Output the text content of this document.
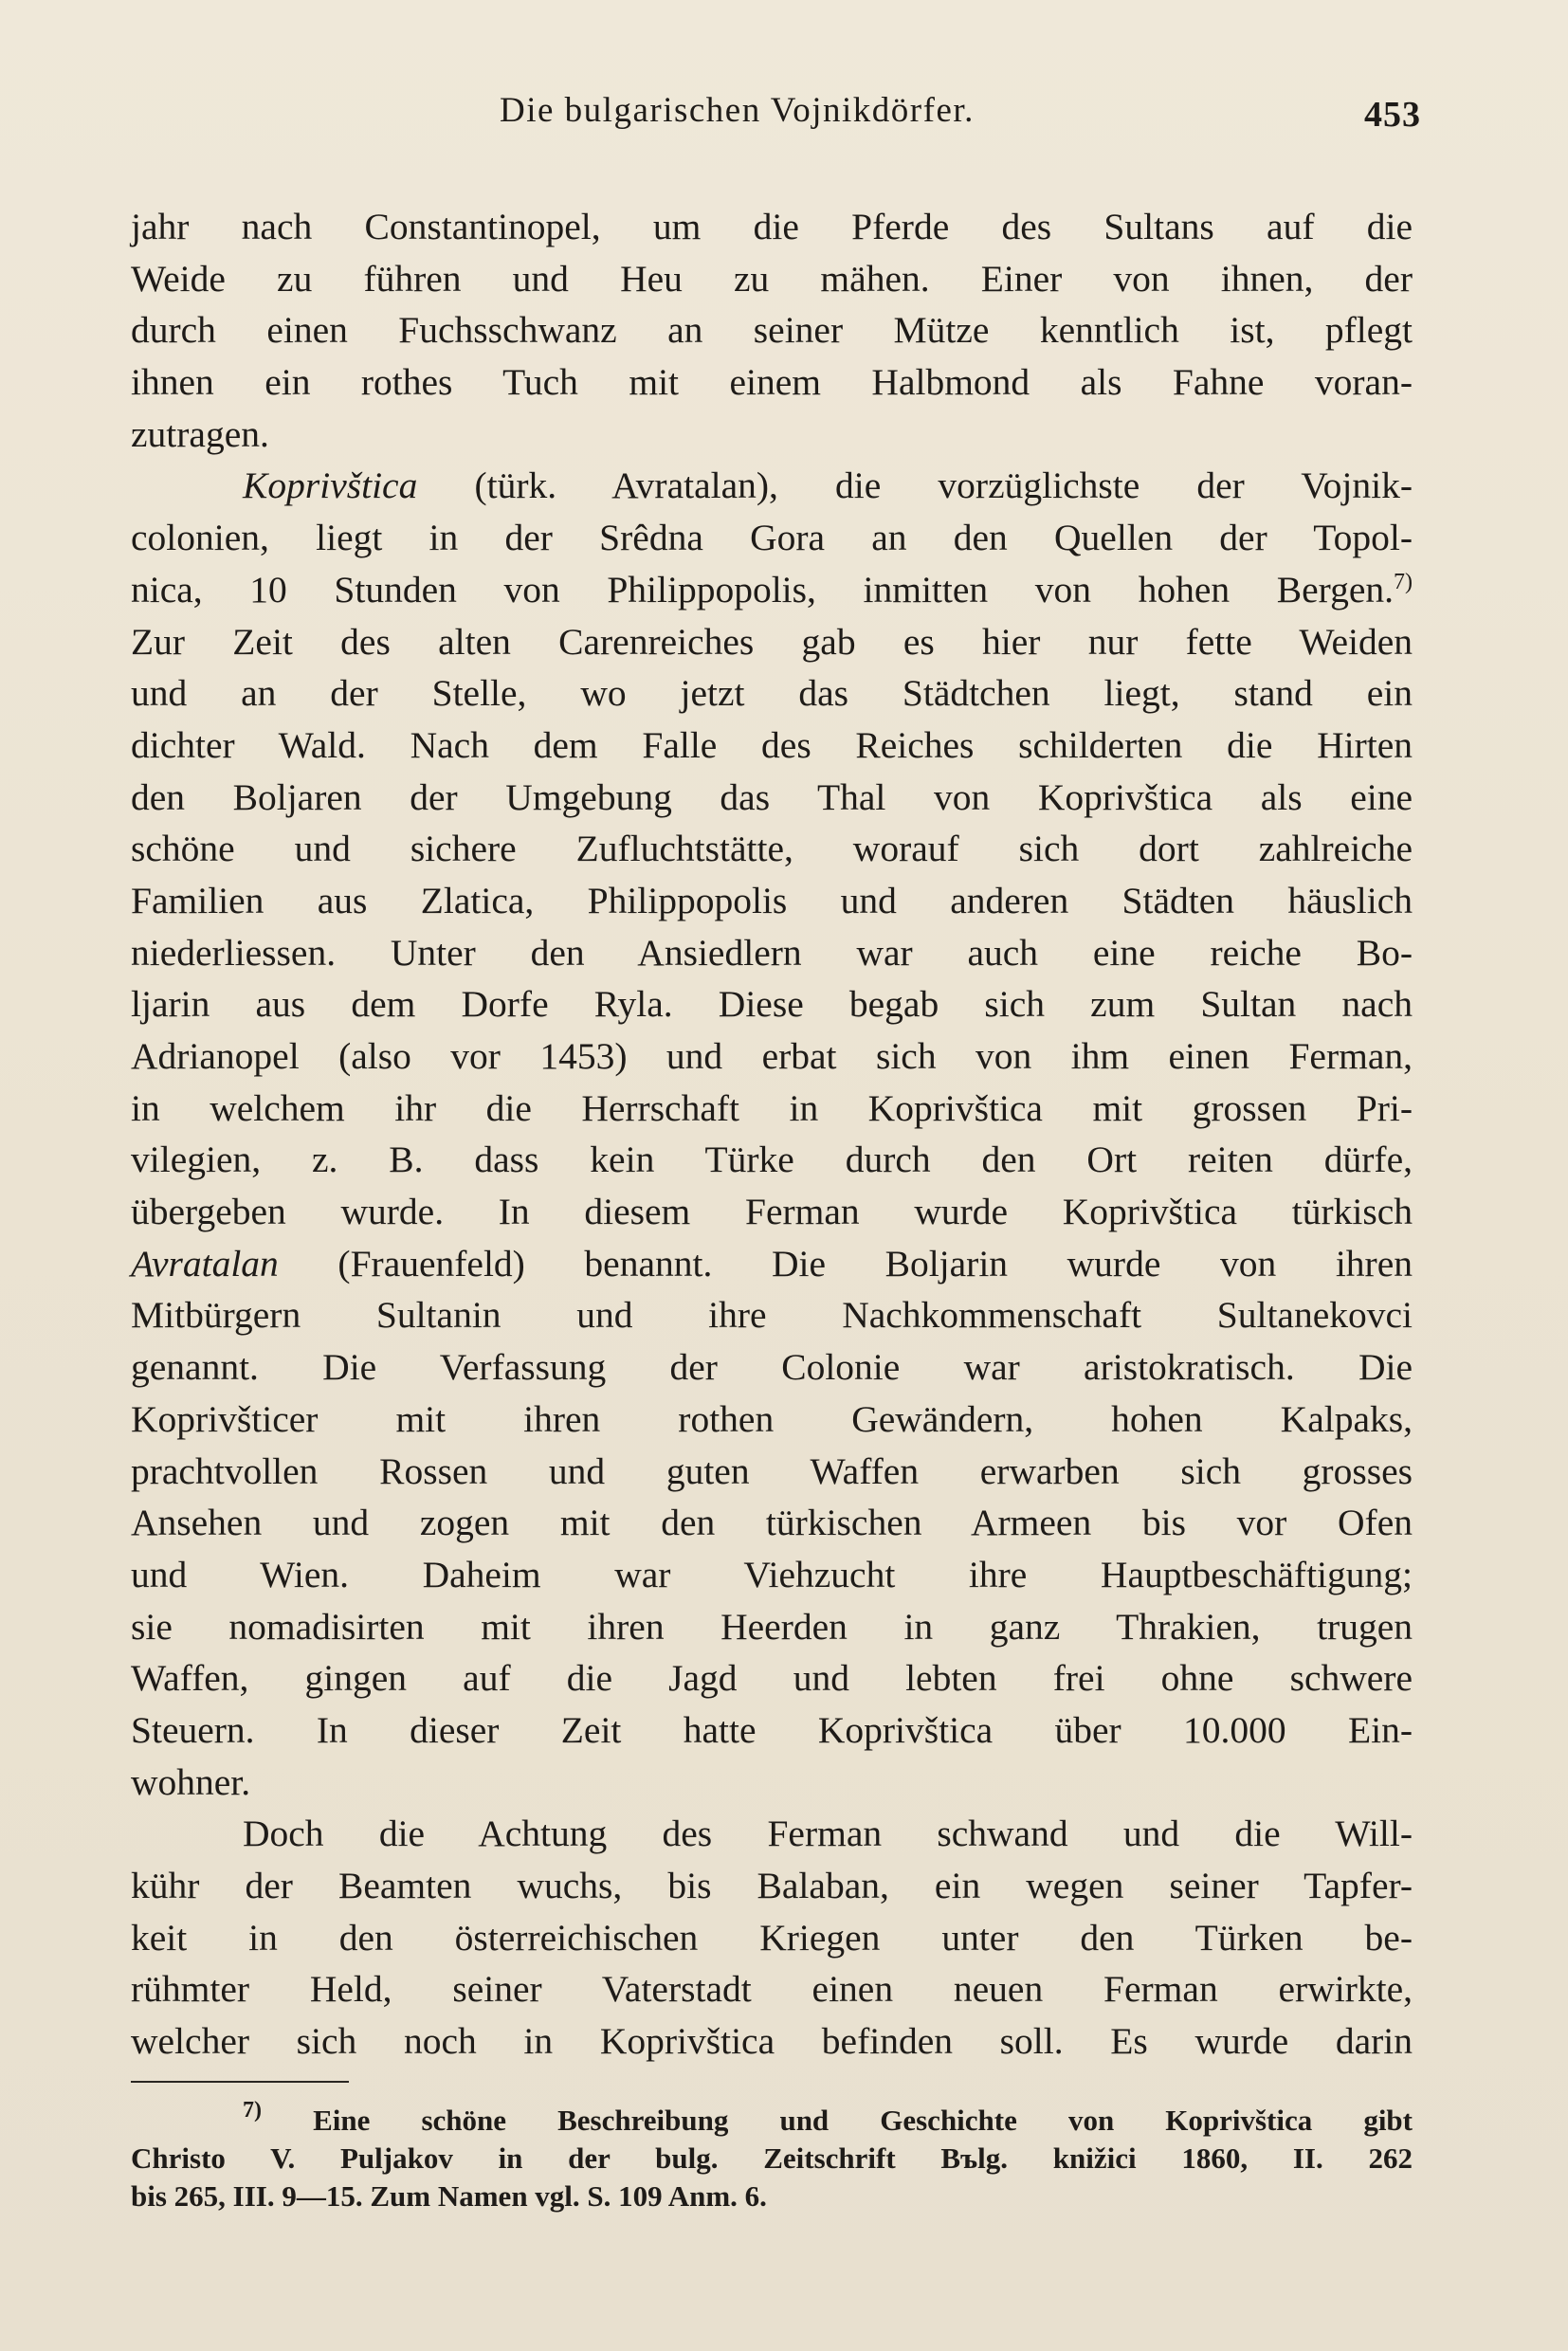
Die bulgarischen Vojnikdörfer.	453
jahr nach Constantinopel, um die Pferde des Sultans auf die
Weide zu führen und Heu zu mähen. Einer von ihnen, der
durch einen Fuchsschwanz an seiner Mütze kenntlich ist, pflegt
ihnen ein rothes Tuch mit einem Halbmond als Fahne voran-
zutragen.
Koprivštica (türk. Avratalan), die vorzüglichste der Vojnik-
colonien, liegt in der Srêdna Gora an den Quellen der Topol-
nica, 10 Stunden von Philippopolis, inmitten von hohen Bergen.$^{7)}$
Zur Zeit des alten Carenreiches gab es hier nur fette Weiden
und an der Stelle, wo jetzt das Städtchen liegt, stand ein
dichter Wald. Nach dem Falle des Reiches schilderten die Hirten
den Boljaren der Umgebung das Thal von Koprivštica als eine
schöne und sichere Zufluchtstätte, worauf sich dort zahlreiche
Familien aus Zlatica, Philippopolis und anderen Städten häuslich
niederliessen. Unter den Ansiedlern war auch eine reiche Bo-
ljarin aus dem Dorfe Ryla. Diese begab sich zum Sultan nach
Adrianopel (also vor 1453) und erbat sich von ihm einen Ferman,
in welchem ihr die Herrschaft in Koprivštica mit grossen Pri-
vilegien, z. B. dass kein Türke durch den Ort reiten dürfe,
übergeben wurde. In diesem Ferman wurde Koprivštica türkisch
Avratalan (Frauenfeld) benannt. Die Boljarin wurde von ihren
Mitbürgern Sultanin und ihre Nachkommenschaft Sultanekovci
genannt. Die Verfassung der Colonie war aristokratisch. Die
Koprivšticer mit ihren rothen Gewändern, hohen Kalpaks,
prachtvollen Rossen und guten Waffen erwarben sich grosses
Ansehen und zogen mit den türkischen Armeen bis vor Ofen
und Wien. Daheim war Viehzucht ihre Hauptbeschäftigung;
sie nomadisirten mit ihren Heerden in ganz Thrakien, trugen
Waffen, gingen auf die Jagd und lebten frei ohne schwere
Steuern. In dieser Zeit hatte Koprivštica über 10.000 Ein-
wohner.
Doch die Achtung des Ferman schwand und die Will-
kühr der Beamten wuchs, bis Balaban, ein wegen seiner Tapfer-
keit in den österreichischen Kriegen unter den Türken be-
rühmter Held, seiner Vaterstadt einen neuen Ferman erwirkte,
welcher sich noch in Koprivštica befinden soll. Es wurde darin
$^{7)}$ Eine schöne Beschreibung und Geschichte von Koprivštica gibt
Christo V. Puljakov in der bulg. Zeitschrift Bъlg. knižici 1860, II. 262
bis 265, III. 9—15. Zum Namen vgl. S. 109 Anm. 6.
